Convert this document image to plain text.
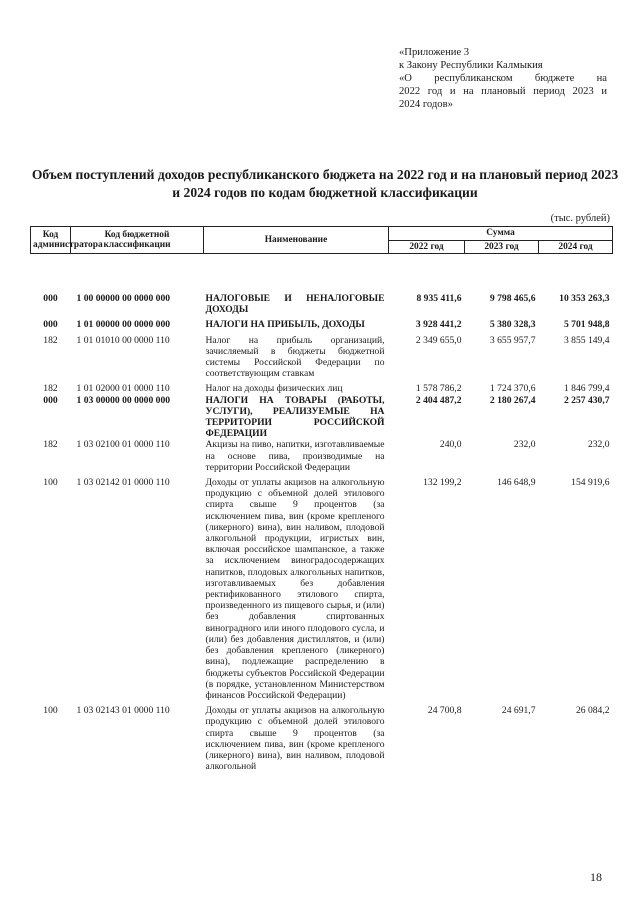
«Приложение 3
к Закону Республики Калмыкия
«О республиканском бюджете на
2022 год и на плановый период 2023 и
2024 годов»
Объем поступлений доходов республиканского бюджета на 2022 год и на плановый период 2023 и 2024 годов по кодам бюджетной классификации
(тыс. рублей)
Код администратора	Код бюджетной классификации	Наименование	Сумма		
			2022 год	2023 год	2024 год
000	1 00 00000 00 0000 000	НАЛОГОВЫЕ И НЕНАЛОГОВЫЕ ДОХОДЫ	8 935 411,6	9 798 465,6	10 353 263,3
000	1 01 00000 00 0000 000	НАЛОГИ НА ПРИБЫЛЬ, ДОХОДЫ	3 928 441,2	5 380 328,3	5 701 948,8
182	1 01 01010 00 0000 110	Налог на прибыль организаций, зачисляемый в бюджеты бюджетной системы Российской Федерации по соответствующим ставкам	2 349 655,0	3 655 957,7	3 855 149,4
182	1 01 02000 01 0000 110	Налог на доходы физических лиц	1 578 786,2	1 724 370,6	1 846 799,4
000	1 03 00000 00 0000 000	НАЛОГИ НА ТОВАРЫ (РАБОТЫ, УСЛУГИ), РЕАЛИЗУЕМЫЕ НА ТЕРРИТОРИИ РОССИЙСКОЙ ФЕДЕРАЦИИ	2 404 487,2	2 180 267,4	2 257 430,7
182	1 03 02100 01 0000 110	Акцизы на пиво, напитки, изготавливаемые на основе пива, производимые на территории Российской Федерации	240,0	232,0	232,0
100	1 03 02142 01 0000 110	Доходы от уплаты акцизов на алкогольную продукцию с объемной долей этилового спирта свыше 9 процентов (за исключением пива, вин (кроме крепленого (ликерного) вина), вин наливом, плодовой алкогольной продукции, игристых вин, включая российское шампанское, а также за исключением виноградосодержащих напитков, плодовых алкогольных напитков, изготавливаемых без добавления ректификованного этилового спирта, произведенного из пищевого сырья, и (или) без добавления спиртованных виноградного или иного плодового сусла, и (или) без добавления дистиллятов, и (или) без добавления крепленого (ликерного) вина), подлежащие распределению в бюджеты субъектов Российской Федерации (в порядке, установленном Министерством финансов Российской Федерации)	132 199,2	146 648,9	154 919,6
100	1 03 02143 01 0000 110	Доходы от уплаты акцизов на алкогольную продукцию с объемной долей этилового спирта свыше 9 процентов (за исключением пива, вин (кроме крепленого (ликерного) вина), вин наливом, плодовой алкогольной	24 700,8	24 691,7	26 084,2
18
